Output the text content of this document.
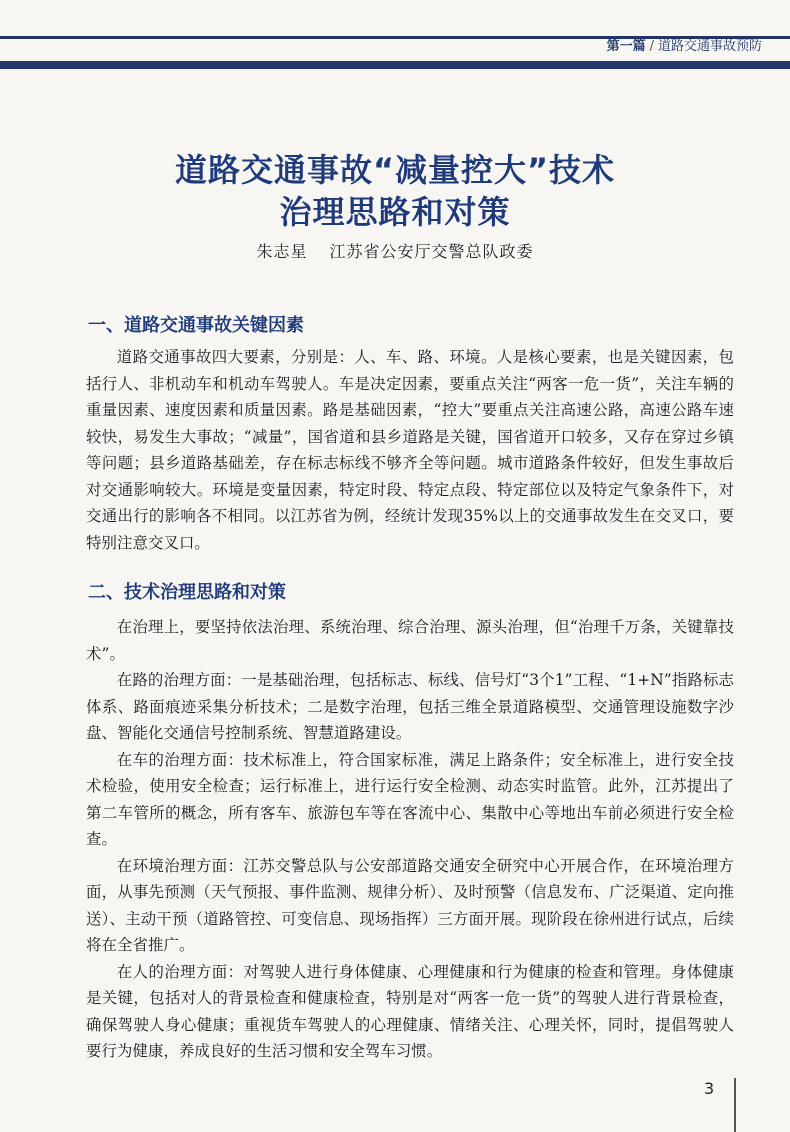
第一篇 / 道路交通事故预防
道路交通事故“减量控大”技术
治理思路和对策
朱志星 江苏省公安厅交警总队政委
一、道路交通事故关键因素

道路交通事故四大要素，分别是：人、车、路、环境。人是核心要素，也是关键因素，包括行人、非机动车和机动车驾驶人。车是决定因素，要重点关注“两客一危一货”，关注车辆的重量因素、速度因素和质量因素。路是基础因素，“控大”要重点关注高速公路，高速公路车速较快，易发生大事故；“减量”，国省道和县乡道路是关键，国省道开口较多，又存在穿过乡镇等问题；县乡道路基础差，存在标志标线不够齐全等问题。城市道路条件较好，但发生事故后对交通影响较大。环境是变量因素，特定时段、特定点段、特定部位以及特定气象条件下，对交通出行的影响各不相同。以江苏省为例，经统计发现35%以上的交通事故发生在交叉口，要特别注意交叉口。

二、技术治理思路和对策

在治理上，要坚持依法治理、系统治理、综合治理、源头治理，但“治理千万条，关键靠技术”。

在路的治理方面：一是基础治理，包括标志、标线、信号灯“3个1”工程、“1+N”指路标志体系、路面痕迹采集分析技术；二是数字治理，包括三维全景道路模型、交通管理设施数字沙盘、智能化交通信号控制系统、智慧道路建设。

在车的治理方面：技术标准上，符合国家标准，满足上路条件；安全标准上，进行安全技术检验，使用安全检查；运行标准上，进行运行安全检测、动态实时监管。此外，江苏提出了第二车管所的概念，所有客车、旅游包车等在客流中心、集散中心等地出车前必须进行安全检查。

在环境治理方面：江苏交警总队与公安部道路交通安全研究中心开展合作，在环境治理方面，从事先预测（天气预报、事件监测、规律分析）、及时预警（信息发布、广泛渠道、定向推送）、主动干预（道路管控、可变信息、现场指挥）三方面开展。现阶段在徐州进行试点，后续将在全省推广。

在人的治理方面：对驾驶人进行身体健康、心理健康和行为健康的检查和管理。身体健康是关键，包括对人的背景检查和健康检查，特别是对“两客一危一货”的驾驶人进行背景检查，确保驾驶人身心健康；重视货车驾驶人的心理健康、情绪关注、心理关怀，同时，提倡驾驶人要行为健康，养成良好的生活习惯和安全驾车习惯。

3
